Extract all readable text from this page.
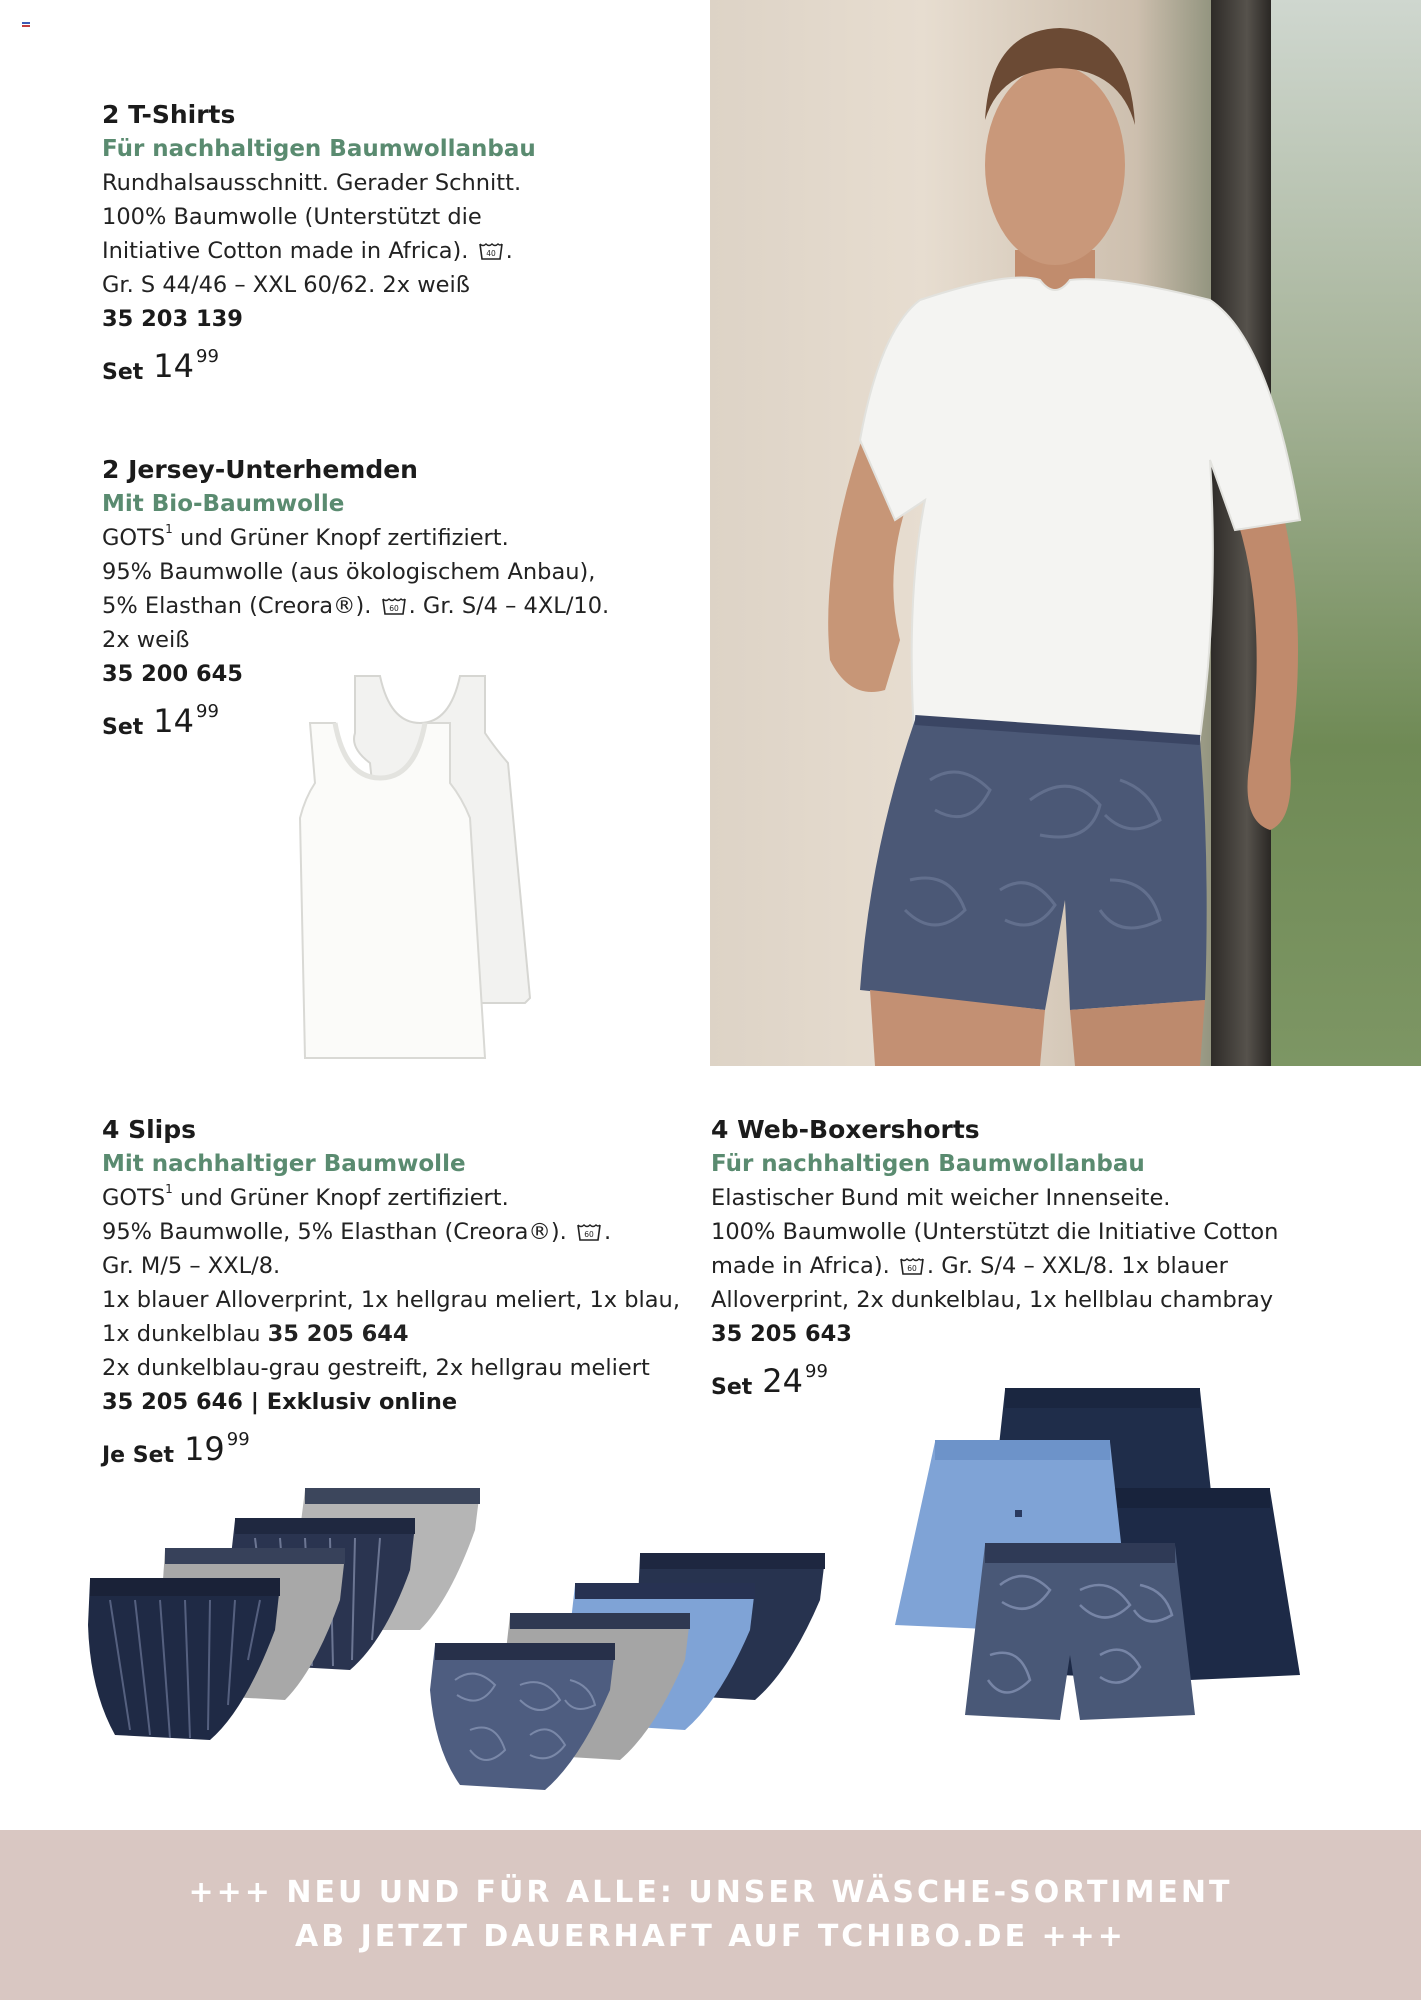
2 T-Shirts
Für nachhaltigen Baumwollanbau
Rundhalsausschnitt. Gerader Schnitt.
100% Baumwolle (Unterstützt die
Initiative Cotton made in Africa). 40 .
Gr. S 44/46 – XXL 60/62. 2x weiß
35 203 139
Set 14 99
2 Jersey-Unterhemden
Mit Bio-Baumwolle
GOTS$^1$ und Grüner Knopf zertifiziert.
95% Baumwolle (aus ökologischem Anbau),
5% Elasthan (Creora®). 60 . Gr. S/4 – 4XL/10.
2x weiß
35 200 645
Set 14 99
4 Slips
Mit nachhaltiger Baumwolle
GOTS$^1$ und Grüner Knopf zertifiziert.
95% Baumwolle, 5% Elasthan (Creora®). 60 .
Gr. M/5 – XXL/8.
1x blauer Alloverprint, 1x hellgrau meliert, 1x blau,
1x dunkelblau 35 205 644
2x dunkelblau-grau gestreift, 2x hellgrau meliert
35 205 646 | Exklusiv online
Je Set 19 99
4 Web-Boxershorts
Für nachhaltigen Baumwollanbau
Elastischer Bund mit weicher Innenseite.
100% Baumwolle (Unterstützt die Initiative Cotton
made in Africa). 60 . Gr. S/4 – XXL/8. 1x blauer
Alloverprint, 2x dunkelblau, 1x hellblau chambray
35 205 643
Set 24 99
+++ NEU UND FÜR ALLE: UNSER WÄSCHE-SORTIMENT
AB JETZT DAUERHAFT AUF TCHIBO.DE +++
